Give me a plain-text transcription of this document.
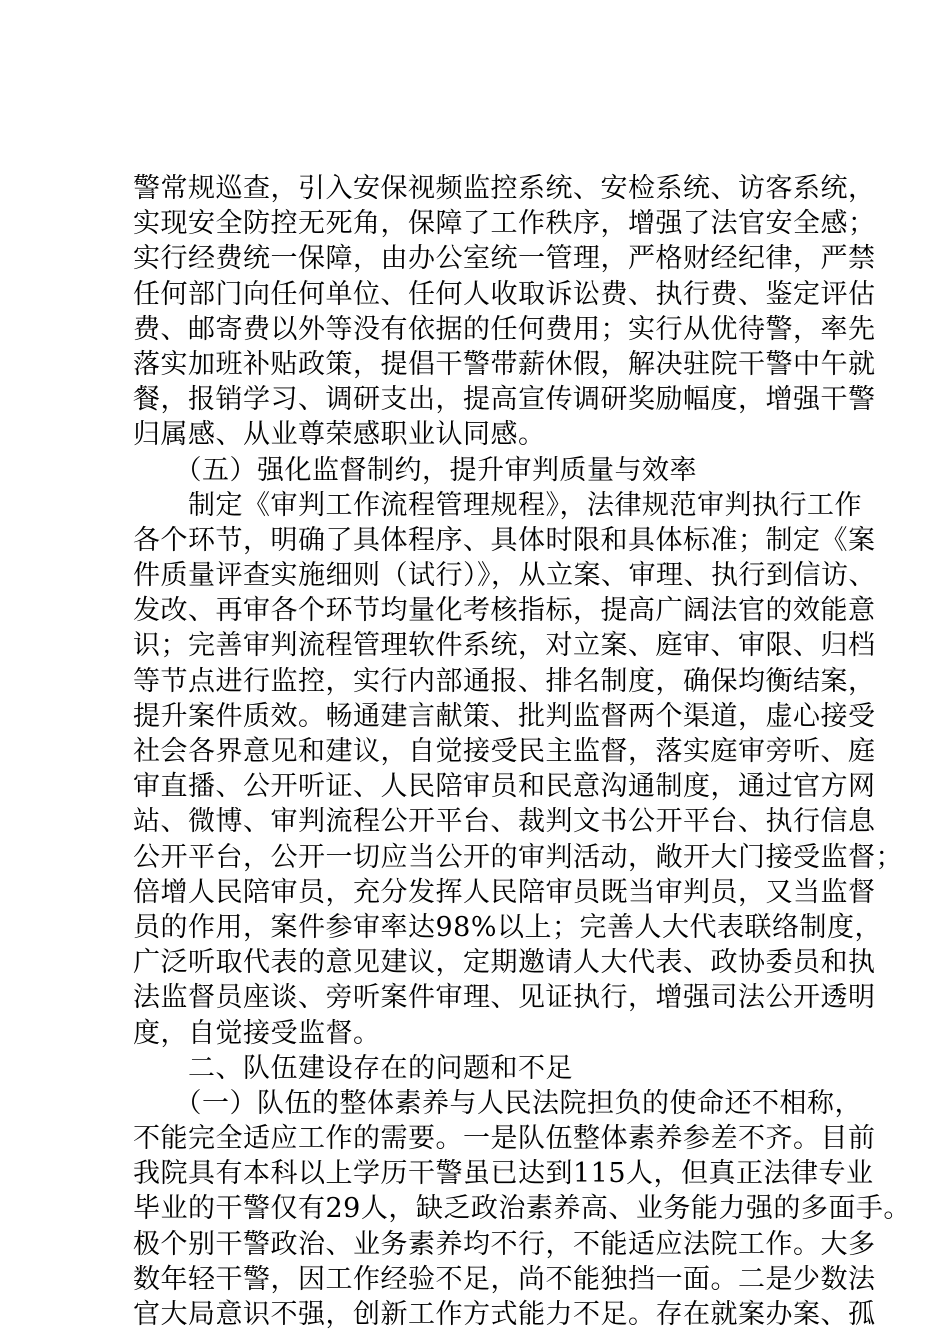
警常规巡查，引入安保视频监控系统、安检系统、访客系统，
实现安全防控无死角，保障了工作秩序，增强了法官安全感；
实行经费统一保障，由办公室统一管理，严格财经纪律，严禁
任何部门向任何单位、任何人收取诉讼费、执行费、鉴定评估
费、邮寄费以外等没有依据的任何费用；实行从优待警，率先
落实加班补贴政策，提倡干警带薪休假，解决驻院干警中午就
餐，报销学习、调研支出，提高宣传调研奖励幅度，增强干警
归属感、从业尊荣感职业认同感。
　　（五）强化监督制约，提升审判质量与效率
　　制定《审判工作流程管理规程》，法律规范审判执行工作
各个环节，明确了具体程序、具体时限和具体标准；制定《案
件质量评查实施细则（试行）》，从立案、审理、执行到信访、
发改、再审各个环节均量化考核指标，提高广阔法官的效能意
识；完善审判流程管理软件系统，对立案、庭审、审限、归档
等节点进行监控，实行内部通报、排名制度，确保均衡结案，
提升案件质效。畅通建言献策、批判监督两个渠道，虚心接受
社会各界意见和建议，自觉接受民主监督，落实庭审旁听、庭
审直播、公开听证、人民陪审员和民意沟通制度，通过官方网
站、微博、审判流程公开平台、裁判文书公开平台、执行信息
公开平台，公开一切应当公开的审判活动，敞开大门接受监督；
倍增人民陪审员，充分发挥人民陪审员既当审判员，又当监督
员的作用，案件参审率达98%以上；完善人大代表联络制度，
广泛听取代表的意见建议，定期邀请人大代表、政协委员和执
法监督员座谈、旁听案件审理、见证执行，增强司法公开透明
度，自觉接受监督。
　　二、队伍建设存在的问题和不足
　　（一）队伍的整体素养与人民法院担负的使命还不相称，
不能完全适应工作的需要。一是队伍整体素养参差不齐。目前
我院具有本科以上学历干警虽已达到115人，但真正法律专业
毕业的干警仅有29人，缺乏政治素养高、业务能力强的多面手。
极个别干警政治、业务素养均不行，不能适应法院工作。大多
数年轻干警，因工作经验不足，尚不能独挡一面。二是少数法
官大局意识不强，创新工作方式能力不足。存在就案办案、孤
